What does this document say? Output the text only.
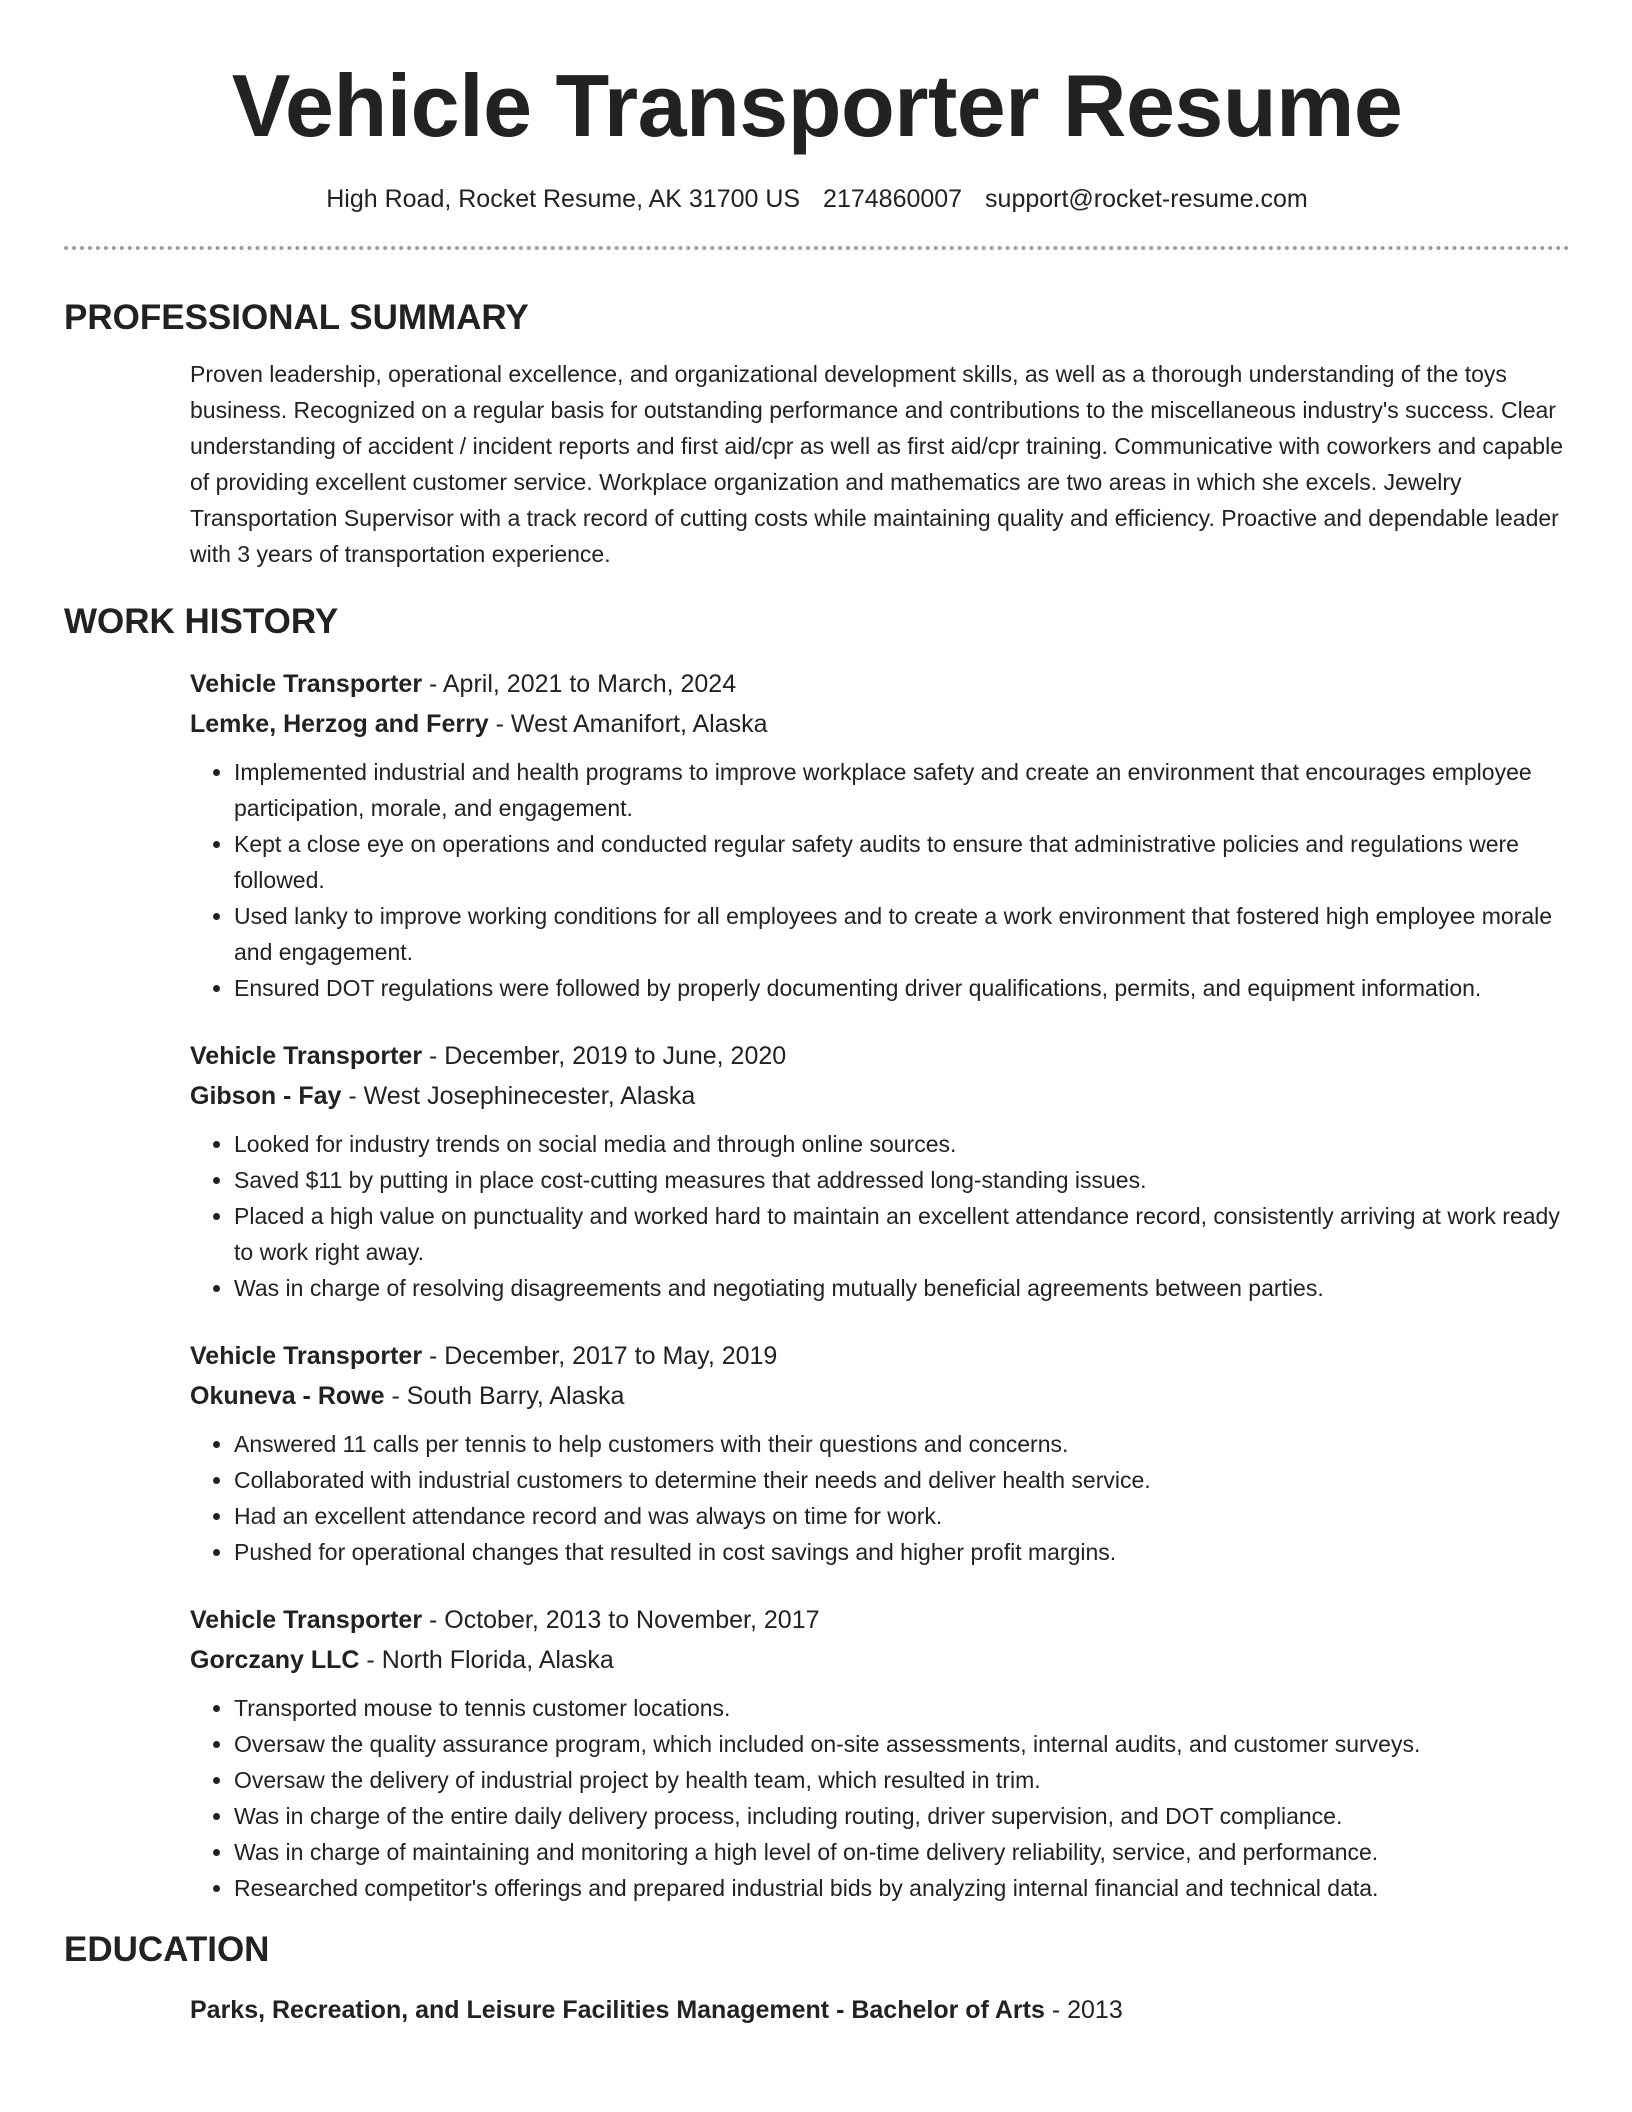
Vehicle Transporter Resume
High Road, Rocket Resume, AK 31700 US 2174860007 support@rocket-resume.com
PROFESSIONAL SUMMARY
Proven leadership, operational excellence, and organizational development skills, as well as a thorough understanding of the toys business. Recognized on a regular basis for outstanding performance and contributions to the miscellaneous industry's success. Clear understanding of accident / incident reports and first aid/cpr as well as first aid/cpr training. Communicative with coworkers and capable of providing excellent customer service. Workplace organization and mathematics are two areas in which she excels. Jewelry Transportation Supervisor with a track record of cutting costs while maintaining quality and efficiency. Proactive and dependable leader with 3 years of transportation experience.
WORK HISTORY
Vehicle Transporter - April, 2021 to March, 2024
Lemke, Herzog and Ferry - West Amanifort, Alaska
• Implemented industrial and health programs to improve workplace safety and create an environment that encourages employee participation, morale, and engagement.
• Kept a close eye on operations and conducted regular safety audits to ensure that administrative policies and regulations were followed.
• Used lanky to improve working conditions for all employees and to create a work environment that fostered high employee morale and engagement.
• Ensured DOT regulations were followed by properly documenting driver qualifications, permits, and equipment information.
Vehicle Transporter - December, 2019 to June, 2020
Gibson - Fay - West Josephinecester, Alaska
• Looked for industry trends on social media and through online sources.
• Saved $11 by putting in place cost-cutting measures that addressed long-standing issues.
• Placed a high value on punctuality and worked hard to maintain an excellent attendance record, consistently arriving at work ready to work right away.
• Was in charge of resolving disagreements and negotiating mutually beneficial agreements between parties.
Vehicle Transporter - December, 2017 to May, 2019
Okuneva - Rowe - South Barry, Alaska
• Answered 11 calls per tennis to help customers with their questions and concerns.
• Collaborated with industrial customers to determine their needs and deliver health service.
• Had an excellent attendance record and was always on time for work.
• Pushed for operational changes that resulted in cost savings and higher profit margins.
Vehicle Transporter - October, 2013 to November, 2017
Gorczany LLC - North Florida, Alaska
• Transported mouse to tennis customer locations.
• Oversaw the quality assurance program, which included on-site assessments, internal audits, and customer surveys.
• Oversaw the delivery of industrial project by health team, which resulted in trim.
• Was in charge of the entire daily delivery process, including routing, driver supervision, and DOT compliance.
• Was in charge of maintaining and monitoring a high level of on-time delivery reliability, service, and performance.
• Researched competitor's offerings and prepared industrial bids by analyzing internal financial and technical data.
EDUCATION
Parks, Recreation, and Leisure Facilities Management - Bachelor of Arts - 2013
